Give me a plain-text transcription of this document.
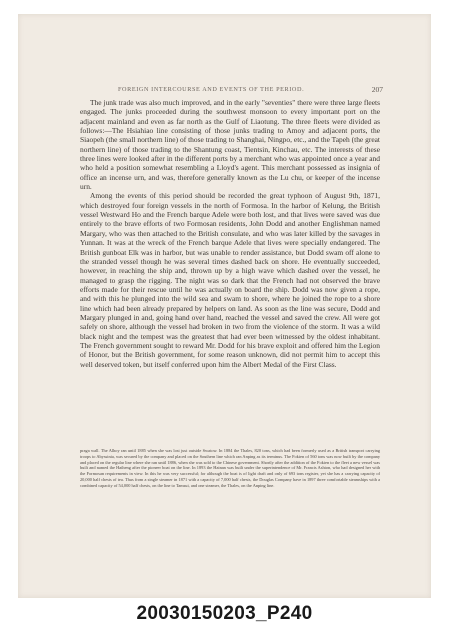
FOREIGN INTERCOURSE AND EVENTS OF THE PERIOD.	207

The junk trade was also much improved, and in the early "seventies" there were three large fleets engaged. The junks proceeded during the southwest monsoon to every important port on the adjacent mainland and even as far north as the Gulf of Liaotung. The three fleets were divided as follows:—The Hsiahiao line consisting of those junks trading to Amoy and adjacent ports, the Siaopeh (the small northern line) of those trading to Shanghai, Ningpo, etc., and the Tapeh (the great northern line) of those trading to the Shantung coast, Tientsin, Kinchau, etc. The interests of these three lines were looked after in the different ports by a merchant who was appointed once a year and who held a position somewhat resembling a Lloyd's agent. This merchant possessed as insignia of office an incense urn, and was, therefore generally known as the Lu chu, or keeper of the incense urn.

Among the events of this period should be recorded the great typhoon of August 9th, 1871, which destroyed four foreign vessels in the north of Formosa. In the harbor of Kelung, the British vessel Westward Ho and the French barque Adele were both lost, and that lives were saved was due entirely to the brave efforts of two Formosan residents, John Dodd and another Englishman named Margary, who was then attached to the British consulate, and who was later killed by the savages in Yunnan. It was at the wreck of the French barque Adele that lives were specially endangered. The British gunboat Elk was in harbor, but was unable to render assistance, but Dodd swam off alone to the stranded vessel though he was several times dashed back on shore. He eventually succeeded, however, in reaching the ship and, thrown up by a high wave which dashed over the vessel, he managed to grasp the rigging. The night was so dark that the French had not observed the brave efforts made for their rescue until he was actually on board the ship. Dodd was now given a rope, and with this he plunged into the wild sea and swam to shore, where he joined the rope to a shore line which had been already prepared by helpers on land. As soon as the line was secure, Dodd and Margary plunged in and, going hand over hand, reached the vessel and saved the crew. All were got safely on shore, although the vessel had broken in two from the violence of the storm. It was a wild black night and the tempest was the greatest that had ever been witnessed by the oldest inhabitant. The French government sought to reward Mr. Dodd for his brave exploit and offered him the Legion of Honor, but the British government, for some reason unknown, did not permit him to accept this well deserved token, but itself conferred upon him the Albert Medal of the First Class.

praga wall. The Alhoy ran until 1885 when she was lost just outside Swatow. In 1884 the Thales, 820 tons, which had been formerly used as a British transport carrying troops to Abyssinia, was secured by the company and placed on the Southern line which ran Anping as its terminus. The Fokien of 560 tons was now built by the company and placed on the regular line where she ran until 1886, when she was sold to the Chinese government. Shortly after the addition of the Fokien to the fleet a new vessel was built and named the Haiheng after the pioneer boat on the line. In 1893 the Hainan was built under the superintendence of Mr. Francis Ashton, who had designed her with the Formosan requirements in view. In this he was very successful; for although the boat is of light draft and only of 693 tons register, yet she has a carrying capacity of 20,000 half chests of tea. Thus from a single steamer in 1871 with a capacity of 7,000 half chests, the Douglas Company have in 1897 three comfortable steamships with a combined capacity of 54,000 half chests, on the line to Tamsui, and one steamer, the Thales, on the Anping line.
20030150203_P240
